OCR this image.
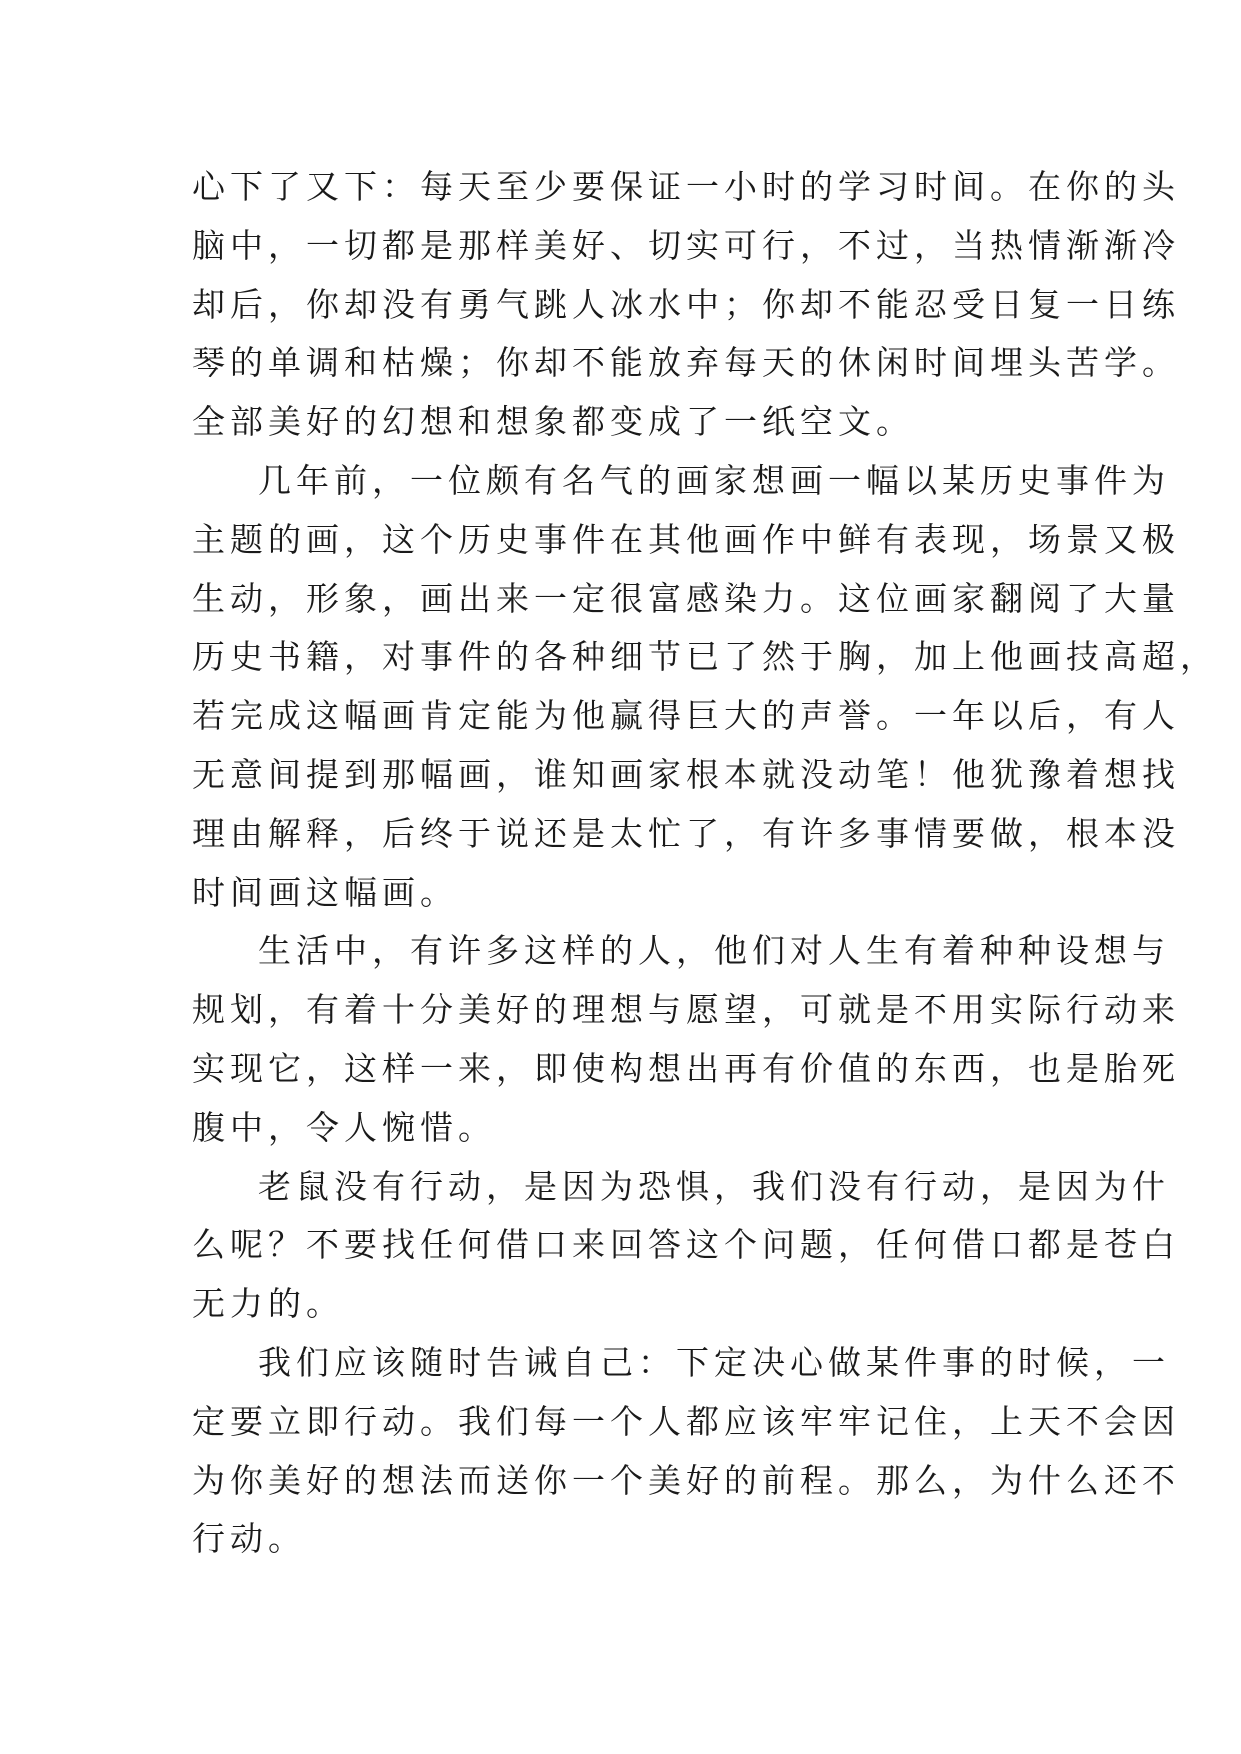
心下了又下：每天至少要保证一小时的学习时间。在你的头
脑中，一切都是那样美好、切实可行，不过，当热情渐渐冷
却后，你却没有勇气跳人冰水中；你却不能忍受日复一日练
琴的单调和枯燥；你却不能放弃每天的休闲时间埋头苦学。
全部美好的幻想和想象都变成了一纸空文。
几年前，一位颇有名气的画家想画一幅以某历史事件为
主题的画，这个历史事件在其他画作中鲜有表现，场景又极
生动，形象，画出来一定很富感染力。这位画家翻阅了大量
历史书籍，对事件的各种细节已了然于胸，加上他画技高超，
若完成这幅画肯定能为他赢得巨大的声誉。一年以后，有人
无意间提到那幅画，谁知画家根本就没动笔！他犹豫着想找
理由解释，后终于说还是太忙了，有许多事情要做，根本没
时间画这幅画。
生活中，有许多这样的人，他们对人生有着种种设想与
规划，有着十分美好的理想与愿望，可就是不用实际行动来
实现它，这样一来，即使构想出再有价值的东西，也是胎死
腹中，令人惋惜。
老鼠没有行动，是因为恐惧，我们没有行动，是因为什
么呢？不要找任何借口来回答这个问题，任何借口都是苍白
无力的。
我们应该随时告诫自己：下定决心做某件事的时候，一
定要立即行动。我们每一个人都应该牢牢记住，上天不会因
为你美好的想法而送你一个美好的前程。那么，为什么还不
行动。
